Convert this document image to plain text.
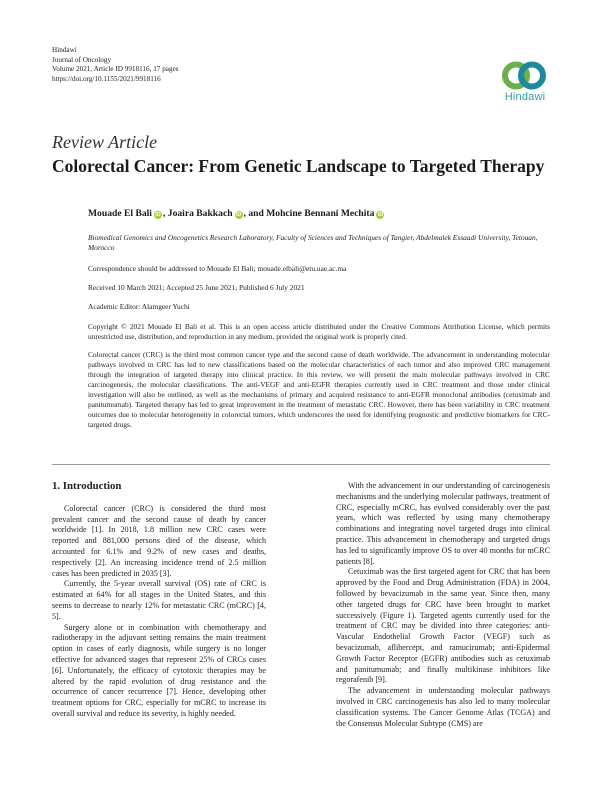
Hindawi
Journal of Oncology
Volume 2021, Article ID 9918116, 17 pages
https://doi.org/10.1155/2021/9918116
Hindawi
Review Article
Colorectal Cancer: From Genetic Landscape to Targeted Therapy
Mouade El Bali iD , Joaira Bakkach iD , and Mohcine Bennani Mechita iD
Biomedical Genomics and Oncogenetics Research Laboratory, Faculty of Sciences and Techniques of Tangier, Abdelmalek Essaadi University, Tetouan, Morocco
Correspondence should be addressed to Mouade El Bali; mouade.elbali@etu.uae.ac.ma
Received 10 March 2021; Accepted 25 June 2021; Published 6 July 2021
Academic Editor: Alamgeer Yuchi
Copyright © 2021 Mouade El Bali et al. This is an open access article distributed under the Creative Commons Attribution License, which permits unrestricted use, distribution, and reproduction in any medium, provided the original work is properly cited.
Colorectal cancer (CRC) is the third most common cancer type and the second cause of death worldwide. The advancement in understanding molecular pathways involved in CRC has led to new classifications based on the molecular characteristics of each tumor and also improved CRC management through the integration of targeted therapy into clinical practice. In this review, we will present the main molecular pathways involved in CRC carcinogenesis, the molecular classifications. The anti-VEGF and anti-EGFR therapies currently used in CRC treatment and those under clinical investigation will also be outlined, as well as the mechanisms of primary and acquired resistance to anti-EGFR monoclonal antibodies (cetuximab and panitumumab). Targeted therapy has led to great improvement in the treatment of metastatic CRC. However, there has been variability in CRC treatment outcomes due to molecular heterogeneity in colorectal tumors, which underscores the need for identifying prognostic and predictive biomarkers for CRC-targeted drugs.
1. Introduction

Colorectal cancer (CRC) is considered the third most prevalent cancer and the second cause of death by cancer worldwide [1]. In 2018, 1.8 million new CRC cases were reported and 881,000 persons died of the disease, which accounted for 6.1% and 9.2% of new cases and deaths, respectively [2]. An increasing incidence trend of 2.5 million cases has been predicted in 2035 [3].

Currently, the 5-year overall survival (OS) rate of CRC is estimated at 64% for all stages in the United States, and this seems to decrease to nearly 12% for metastatic CRC (mCRC) [4, 5].

Surgery alone or in combination with chemotherapy and radiotherapy in the adjuvant setting remains the main treatment option in cases of early diagnosis, while surgery is no longer effective for advanced stages that represent 25% of CRCs cases [6]. Unfortunately, the efficacy of cytotoxic therapies may be altered by the rapid evolution of drug resistance and the occurrence of cancer recurrence [7]. Hence, developing other treatment options for CRC, especially for mCRC to increase its overall survival and reduce its severity, is highly needed.

With the advancement in our understanding of carcinogenesis mechanisms and the underlying molecular pathways, treatment of CRC, especially mCRC, has evolved considerably over the past years, which was reflected by using many chemotherapy combinations and integrating novel targeted drugs into clinical practice. This advancement in chemotherapy and targeted drugs has led to significantly improve OS to over 40 months for mCRC patients [8].

Cetuximab was the first targeted agent for CRC that has been approved by the Food and Drug Administration (FDA) in 2004, followed by bevacizumab in the same year. Since then, many other targeted drugs for CRC have been brought to market successively (Figure 1). Targeted agents currently used for the treatment of CRC may be divided into three categories: anti-Vascular Endothelial Growth Factor (VEGF) such as bevacizumab, aflibercept, and ramucirumab; anti-Epidermal Growth Factor Receptor (EGFR) antibodies such as cetuximab and panitumumab; and finally multikinase inhibitors like regorafenib [9].

The advancement in understanding molecular pathways involved in CRC carcinogenesis has also led to many molecular classification systems. The Cancer Genome Atlas (TCGA) and the Consensus Molecular Subtype (CMS) are
